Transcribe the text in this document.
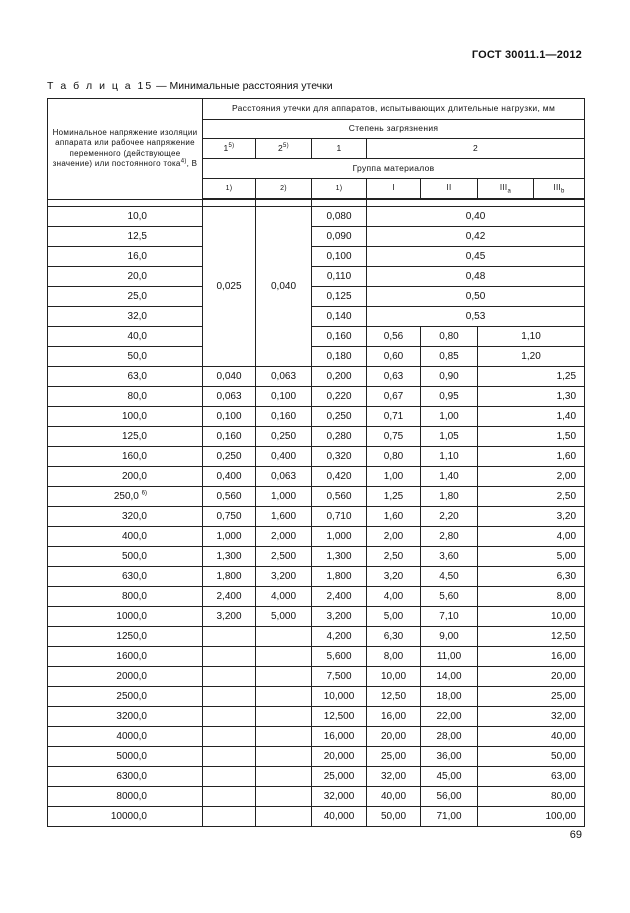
ГОСТ 30011.1—2012
Т а б л и ц а 15 — Минимальные расстояния утечки
Номинальное напряжение изоляции аппарата или рабочее напряжение переменного (действующее значение) или постоянного тока$^{4)}$, В	Расстояния утечки для аппаратов, испытывающих длительные нагрузки, мм						
	Степень загрязнения						
	1$^{5)}$	2$^{5)}$	1	2			
	Группа материалов						
	1)	2)	1)	I	II	$III_a$	$III_b$

10,0	0,025	0,040	0,080	0,40			
12,5			0,090	0,42			
16,0			0,100	0,45			
20,0			0,110	0,48			
25,0			0,125	0,50			
32,0			0,140	0,53			
40,0			0,160	0,56	0,80	1,10	
50,0			0,180	0,60	0,85	1,20	
63,0	0,040	0,063	0,200	0,63	0,90	1,25	
80,0	0,063	0,100	0,220	0,67	0,95	1,30	
100,0	0,100	0,160	0,250	0,71	1,00	1,40	
125,0	0,160	0,250	0,280	0,75	1,05	1,50	
160,0	0,250	0,400	0,320	0,80	1,10	1,60	
200,0	0,400	0,063	0,420	1,00	1,40	2,00	
250,0 $^{6)}$	0,560	1,000	0,560	1,25	1,80	2,50	
320,0	0,750	1,600	0,710	1,60	2,20	3,20	
400,0	1,000	2,000	1,000	2,00	2,80	4,00	
500,0	1,300	2,500	1,300	2,50	3,60	5,00	
630,0	1,800	3,200	1,800	3,20	4,50	6,30	
800,0	2,400	4,000	2,400	4,00	5,60	8,00	
1000,0	3,200	5,000	3,200	5,00	7,10	10,00	
1250,0			4,200	6,30	9,00	12,50	
1600,0			5,600	8,00	11,00	16,00	
2000,0			7,500	10,00	14,00	20,00	
2500,0			10,000	12,50	18,00	25,00	
3200,0			12,500	16,00	22,00	32,00	
4000,0			16,000	20,00	28,00	40,00	
5000,0			20,000	25,00	36,00	50,00	
6300,0			25,000	32,00	45,00	63,00	
8000,0			32,000	40,00	56,00	80,00	
10000,0			40,000	50,00	71,00	100,00	
69
